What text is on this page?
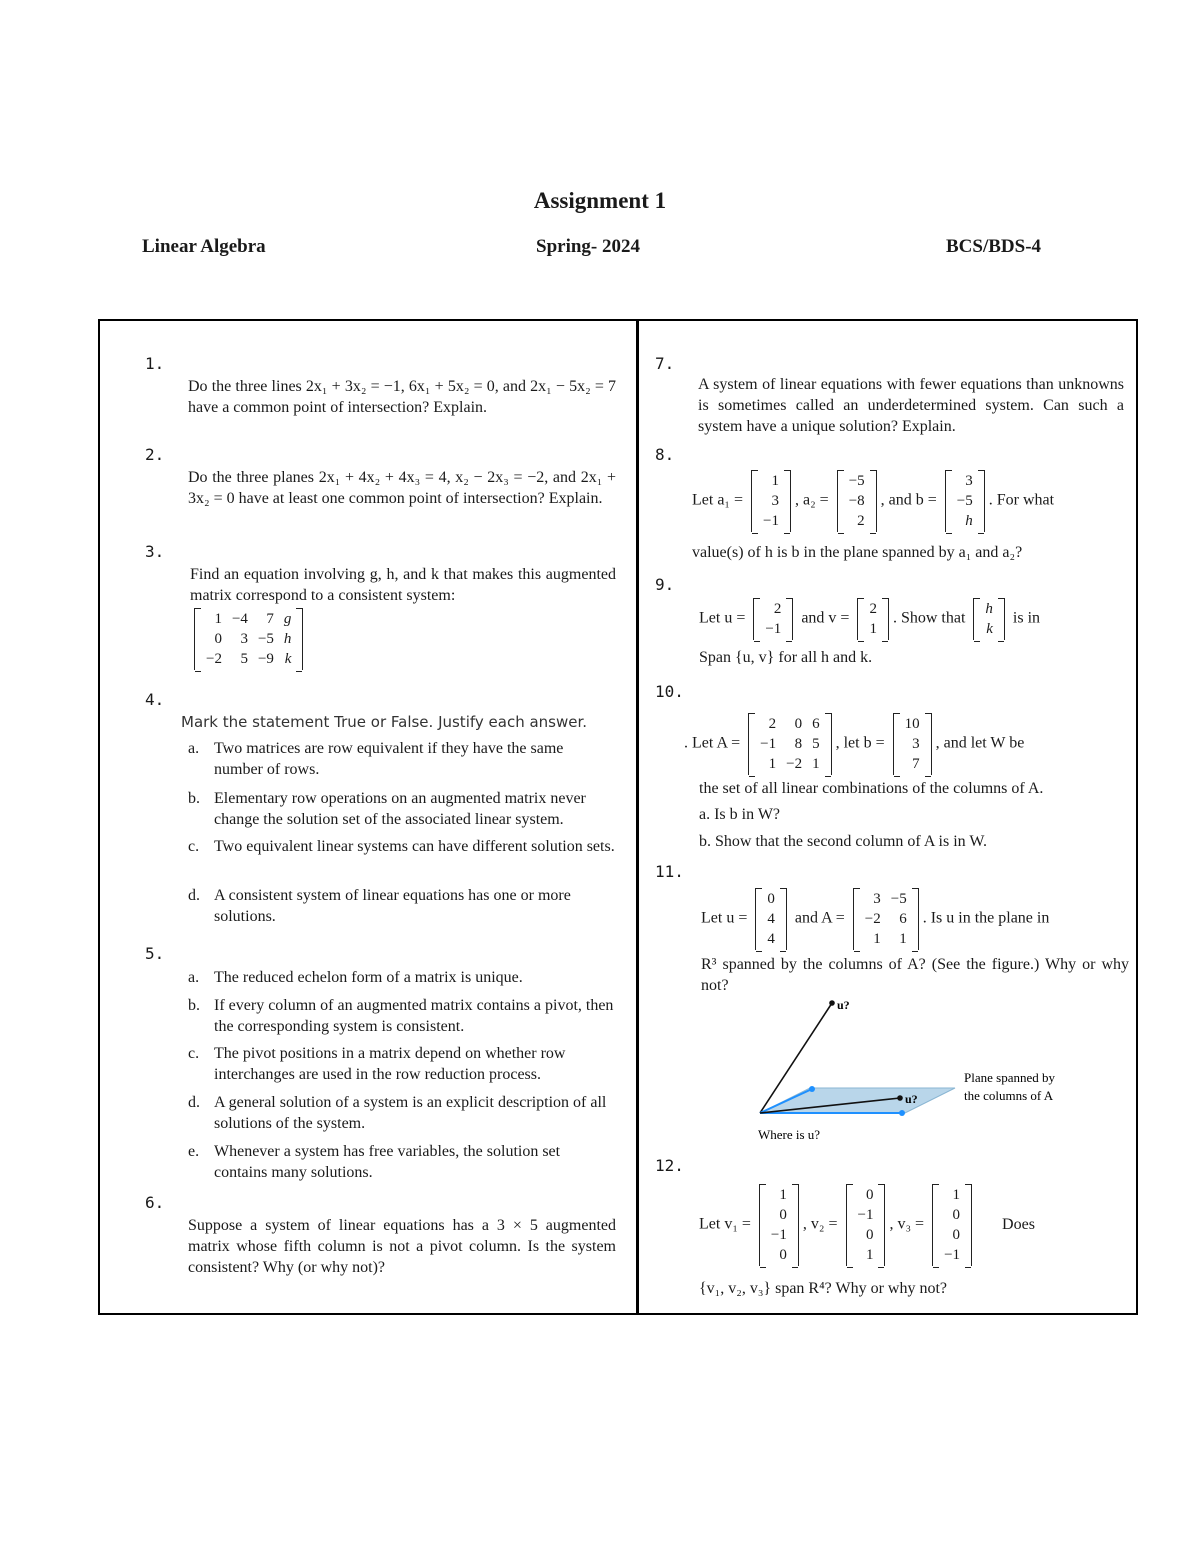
Assignment 1
Linear Algebra	Spring- 2024	BCS/BDS-4
1.
Do the three lines 2x₁ + 3x₂ = −1, 6x₁ + 5x₂ = 0, and 2x₁ − 5x₂ = 7 have a common point of intersection? Explain.
2.
Do the three planes 2x₁ + 4x₂ + 4x₃ = 4, x₂ − 2x₃ = −2, and 2x₁ + 3x₂ = 0 have at least one common point of intersection? Explain.
3.
Find an equation involving g, h, and k that makes this augmented matrix correspond to a consistent system:
1	−4	7	g
0	3	−5	h
−2	5	−9	k
4.
Mark the statement True or False. Justify each answer.
a. Two matrices are row equivalent if they have the same number of rows.
b. Elementary row operations on an augmented matrix never change the solution set of the associated linear system.
c. Two equivalent linear systems can have different solution sets.
d. A consistent system of linear equations has one or more solutions.
5.
a. The reduced echelon form of a matrix is unique.
b. If every column of an augmented matrix contains a pivot, then the corresponding system is consistent.
c. The pivot positions in a matrix depend on whether row interchanges are used in the row reduction process.
d. A general solution of a system is an explicit description of all solutions of the system.
e. Whenever a system has free variables, the solution set contains many solutions.
6.
Suppose a system of linear equations has a 3 × 5 augmented matrix whose fifth column is not a pivot column. Is the system consistent? Why (or why not)?
7.
A system of linear equations with fewer equations than unknowns is sometimes called an underdetermined system. Can such a system have a unique solution? Explain.
8.
Let a₁ =
1
3
−1
, a₂ =
−5
−8
2
, and b =
3
−5
h
. For what
value(s) of h is b in the plane spanned by a₁ and a₂?
9.
Let u =
2
−1
and v =
2
1
. Show that
h
k
is in
Span {u, v} for all h and k.
10.
. Let A =
2	0	6
−1	8	5
1	−2	1
, let b =
10
3
7
, and let W be
the set of all linear combinations of the columns of A.
a. Is b in W?
b. Show that the second column of A is in W.
11.
Let u =
0
4
4
and A =
3	−5
−2	6
1	1
. Is u in the plane in
R³ spanned by the columns of A? (See the figure.) Why or why not?
u?
u?
Plane spanned by
the columns of A
Where is u?
12.
Let v₁ =
1
0
−1
0
, v₂ =
0
−1
0
1
, v₃ =
1
0
0
−1
Does
{v₁, v₂, v₃} span R⁴? Why or why not?
